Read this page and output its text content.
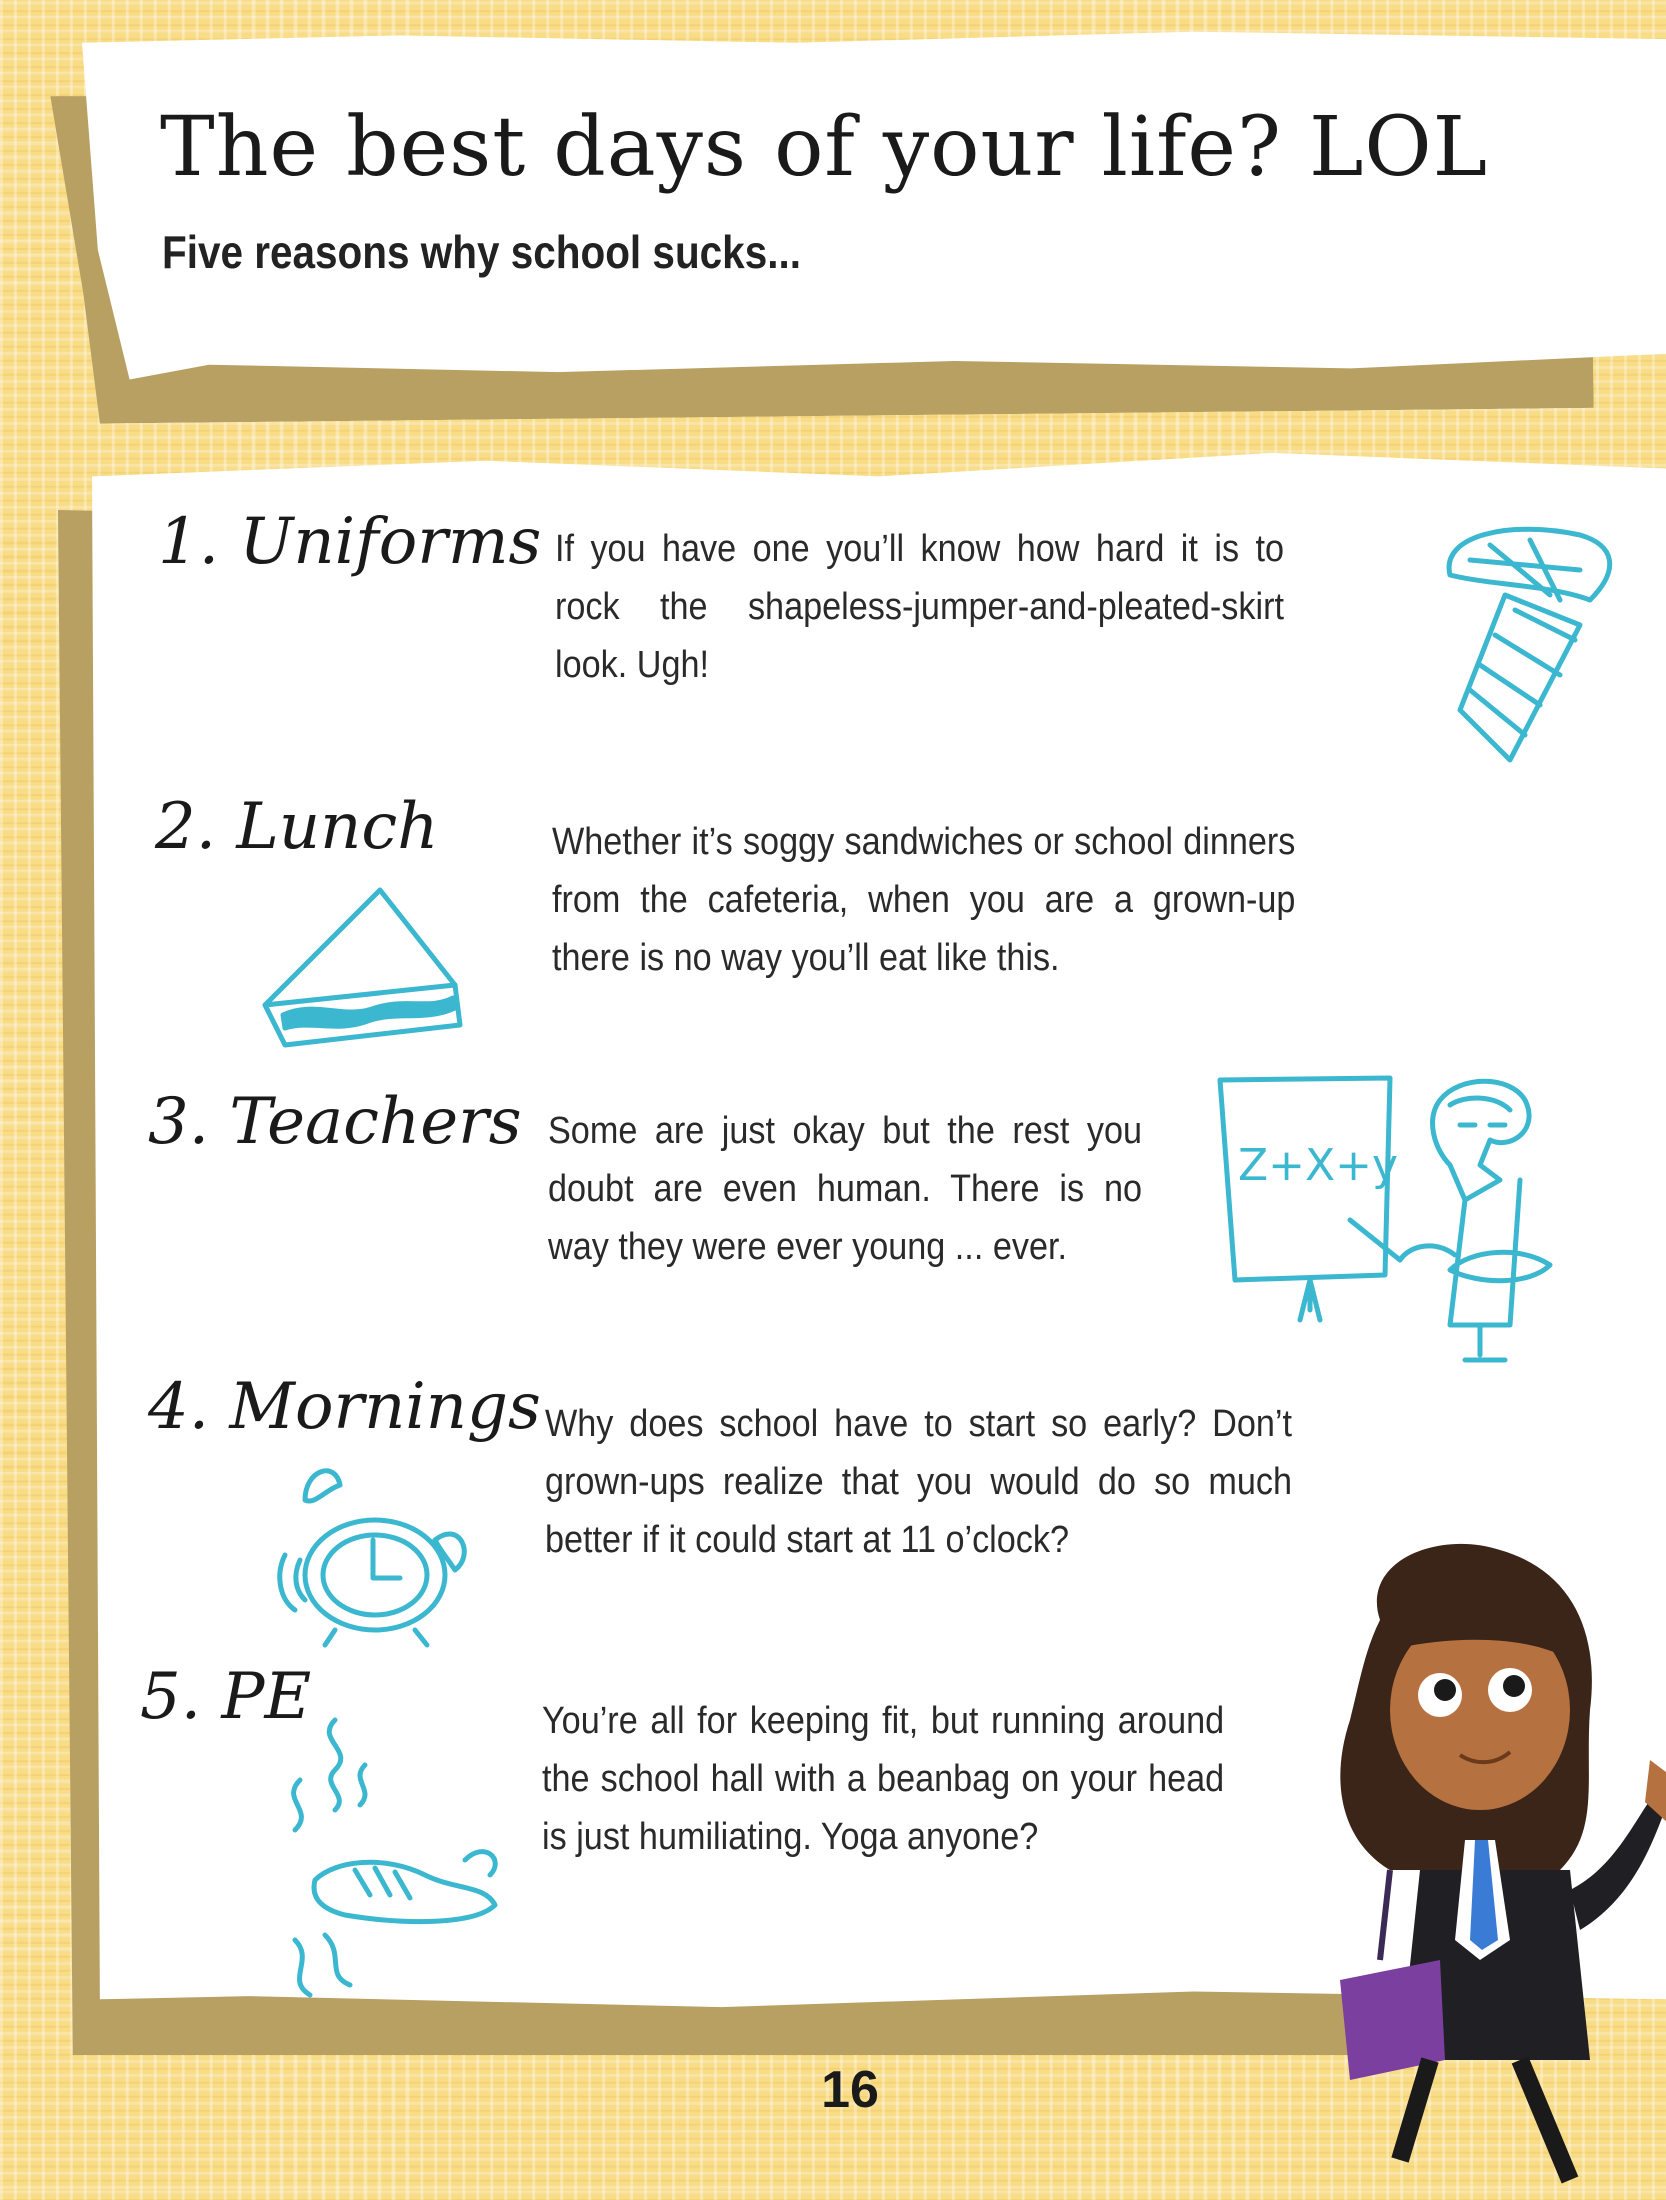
The best days of your life? LOL
Five reasons why school sucks...

1. Uniforms If you have one you’ll know how hard it is to rock the shapeless-jumper-and-pleated-skirt look. Ugh!

2. Lunch	Whether it’s soggy sandwiches or school dinners from the cafeteria, when you are a grown-up there is no way you’ll eat like this.

3. Teachers Some are just okay but the rest you doubt are even human. There is no way they were ever young ... ever.

Z+X+y

4. Mornings Why does school have to start so early? Don’t grown-ups realize that you would do so much better if it could start at 11 o’clock?

5. PE	You’re all for keeping fit, but running around the school hall with a beanbag on your head is just humiliating. Yoga anyone?

16
